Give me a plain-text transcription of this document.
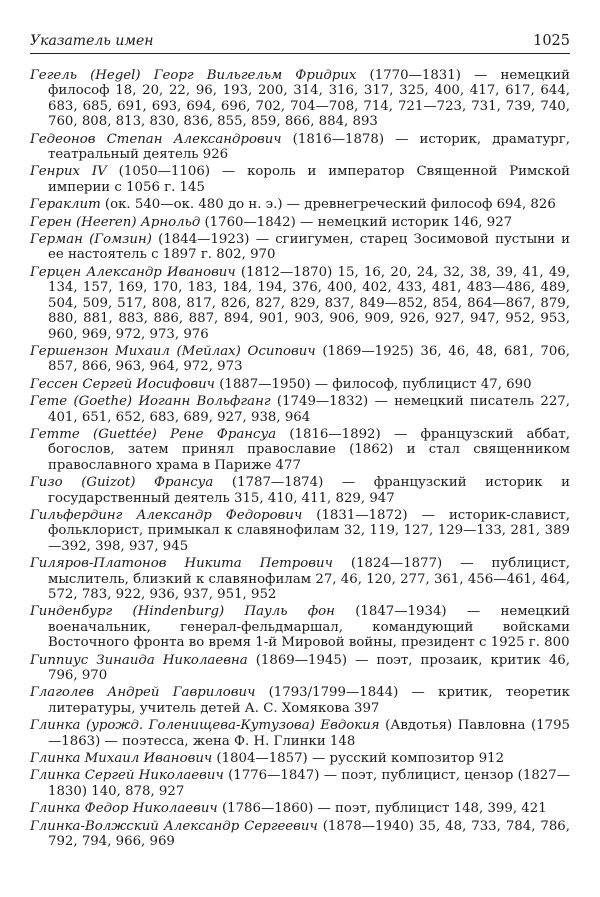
Указатель имен	1025

Гегель (Hegel) Георг Вильгельм Фридрих (1770—1831) — немецкий философ 18, 20, 22, 96, 193, 200, 314, 316, 317, 325, 400, 417, 617, 644, 683, 685, 691, 693, 694, 696, 702, 704—708, 714, 721—723, 731, 739, 740, 760, 808, 813, 830, 836, 855, 859, 866, 884, 893

Гедеонов Степан Александрович (1816—1878) — историк, драматург, театральный деятель 926

Генрих IV (1050—1106) — король и император Священной Римской империи с 1056 г. 145

Гераклит (ок. 540—ок. 480 до н. э.) — древнегреческий философ 694, 826

Герен (Heeren) Арнольд (1760—1842) — немецкий историк 146, 927

Герман (Гомзин) (1844—1923) — сгиигумен, старец Зосимовой пустыни и ее настоятель с 1897 г. 802, 970

Герцен Александр Иванович (1812—1870) 15, 16, 20, 24, 32, 38, 39, 41, 49, 134, 157, 169, 170, 183, 184, 194, 376, 400, 402, 433, 481, 483—486, 489, 504, 509, 517, 808, 817, 826, 827, 829, 837, 849—852, 854, 864—867, 879, 880, 881, 883, 886, 887, 894, 901, 903, 906, 909, 926, 927, 947, 952, 953, 960, 969, 972, 973, 976

Гершензон Михаил (Мейлах) Осипович (1869—1925) 36, 46, 48, 681, 706, 857, 866, 963, 964, 972, 973

Гессен Сергей Иосифович (1887—1950) — философ, публицист 47, 690

Гете (Goethe) Иоганн Вольфганг (1749—1832) — немецкий писатель 227, 401, 651, 652, 683, 689, 927, 938, 964

Гетте (Guettée) Рене Франсуа (1816—1892) — французский аббат, богослов, затем принял православие (1862) и стал священником православного храма в Париже 477

Гизо (Guizot) Франсуа (1787—1874) — французский историк и государственный деятель 315, 410, 411, 829, 947

Гильфердинг Александр Федорович (1831—1872) — историк-славист, фольклорист, примыкал к славянофилам 32, 119, 127, 129—133, 281, 389—392, 398, 937, 945

Гиляров-Платонов Никита Петрович (1824—1877) — публицист, мыслитель, близкий к славянофилам 27, 46, 120, 277, 361, 456—461, 464, 572, 783, 922, 936, 937, 951, 952

Гинденбург (Hindenburg) Пауль фон (1847—1934) — немецкий военачальник, генерал-фельдмаршал, командующий войсками Восточного фронта во время 1-й Мировой войны, президент с 1925 г. 800

Гиппиус Зинаида Николаевна (1869—1945) — поэт, прозаик, критик 46, 796, 970

Глаголев Андрей Гаврилович (1793/1799—1844) — критик, теоретик литературы, учитель детей А. С. Хомякова 397

Глинка (урожд. Голенищева-Кутузова) Евдокия (Авдотья) Павловна (1795—1863) — поэтесса, жена Ф. Н. Глинки 148

Глинка Михаил Иванович (1804—1857) — русский композитор 912

Глинка Сергей Николаевич (1776—1847) — поэт, публицист, цензор (1827—1830) 140, 878, 927

Глинка Федор Николаевич (1786—1860) — поэт, публицист 148, 399, 421

Глинка-Волжский Александр Сергеевич (1878—1940) 35, 48, 733, 784, 786, 792, 794, 966, 969
